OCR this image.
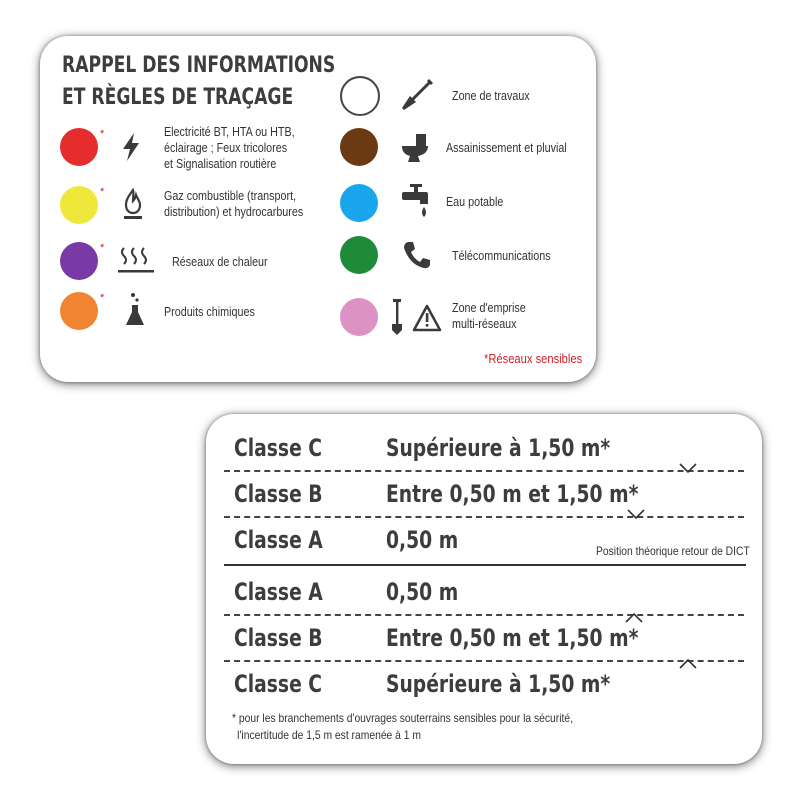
RAPPEL DES INFORMATIONS
ET RÈGLES DE TRAÇAGE
*	Electricité BT, HTA ou HTB,
éclairage ; Feux tricolores
et Signalisation routière
*	Gaz combustible (transport,
distribution) et hydrocarbures
*
Réseaux de chaleur
*
Produits chimiques
Zone de travaux
Assainissement et pluvial
Eau potable
Télécommunications
Zone d'emprise
multi-réseaux
*Réseaux sensibles
Classe C	Supérieure à 1,50 m*
Classe B	Entre 0,50 m et 1,50 m*
Classe A	0,50 m	Position théorique retour de DICT
Classe A	0,50 m
Classe B	Entre 0,50 m et 1,50 m*
Classe C	Supérieure à 1,50 m*
* pour les branchements d'ouvrages souterrains sensibles pour la sécurité,
l'incertitude de 1,5 m est ramenée à 1 m
